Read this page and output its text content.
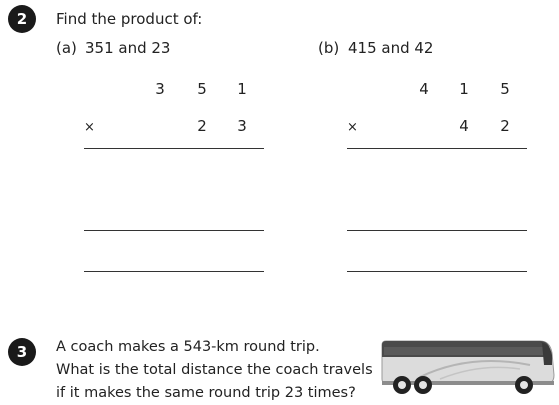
2	Find the product of:
(a) 351 and 23
3 5 1
×	2 3
(b) 415 and 42
4 1 5
×	4 2
3	A coach makes a 543-km round trip.
What is the total distance the coach travels
if it makes the same round trip 23 times?
